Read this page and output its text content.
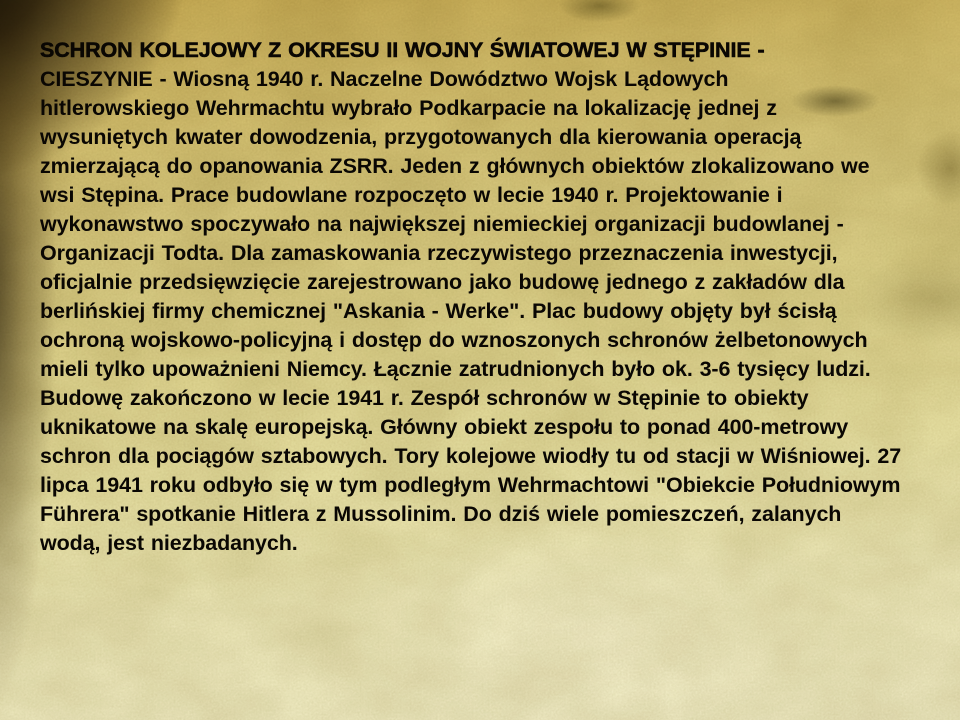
SCHRON KOLEJOWY Z OKRESU II WOJNY ŚWIATOWEJ W STĘPINIE -
CIESZYNIE - Wiosną 1940 r. Naczelne Dowództwo Wojsk Lądowych
hitlerowskiego Wehrmachtu wybrało Podkarpacie na lokalizację jednej z
wysuniętych kwater dowodzenia, przygotowanych dla kierowania operacją
zmierzającą do opanowania ZSRR. Jeden z głównych obiektów zlokalizowano we
wsi Stępina. Prace budowlane rozpoczęto w lecie 1940 r. Projektowanie i
wykonawstwo spoczywało na największej niemieckiej organizacji budowlanej -
Organizacji Todta. Dla zamaskowania rzeczywistego przeznaczenia inwestycji,
oficjalnie przedsięwzięcie zarejestrowano jako budowę jednego z zakładów dla
berlińskiej firmy chemicznej "Askania - Werke". Plac budowy objęty był ścisłą
ochroną wojskowo-policyjną i dostęp do wznoszonych schronów żelbetonowych
mieli tylko upoważnieni Niemcy. Łącznie zatrudnionych było ok. 3-6 tysięcy ludzi.
Budowę zakończono w lecie 1941 r. Zespół schronów w Stępinie to obiekty
uknikatowe na skalę europejską. Główny obiekt zespołu to ponad 400-metrowy
schron dla pociągów sztabowych. Tory kolejowe wiodły tu od stacji w Wiśniowej. 27
lipca 1941 roku odbyło się w tym podległym Wehrmachtowi "Obiekcie Południowym
Führera" spotkanie Hitlera z Mussolinim. Do dziś wiele pomieszczeń, zalanych
wodą, jest niezbadanych.
